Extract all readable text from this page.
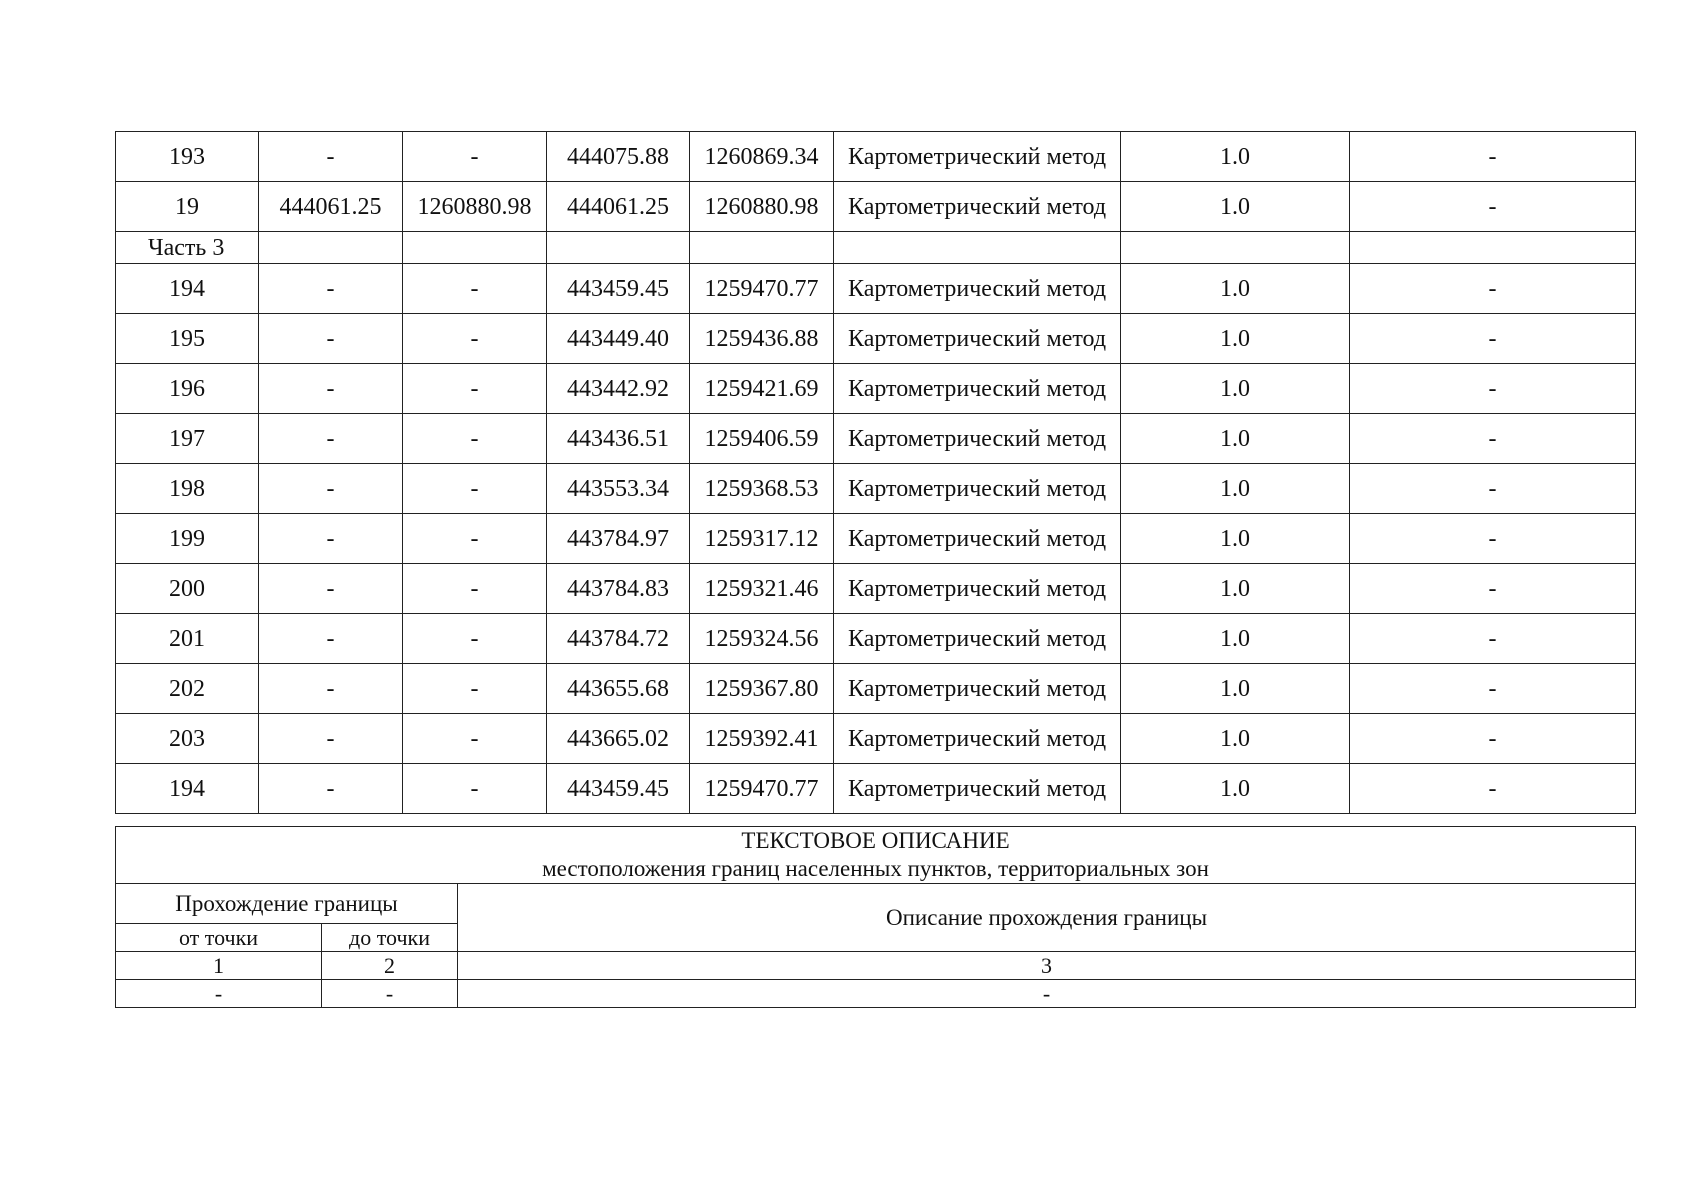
193	-	-	444075.88	1260869.34	Картометрический метод	1.0	-
19	444061.25	1260880.98	444061.25	1260880.98	Картометрический метод	1.0	-
Часть 3							
194	-	-	443459.45	1259470.77	Картометрический метод	1.0	-
195	-	-	443449.40	1259436.88	Картометрический метод	1.0	-
196	-	-	443442.92	1259421.69	Картометрический метод	1.0	-
197	-	-	443436.51	1259406.59	Картометрический метод	1.0	-
198	-	-	443553.34	1259368.53	Картометрический метод	1.0	-
199	-	-	443784.97	1259317.12	Картометрический метод	1.0	-
200	-	-	443784.83	1259321.46	Картометрический метод	1.0	-
201	-	-	443784.72	1259324.56	Картометрический метод	1.0	-
202	-	-	443655.68	1259367.80	Картометрический метод	1.0	-
203	-	-	443665.02	1259392.41	Картометрический метод	1.0	-
194	-	-	443459.45	1259470.77	Картометрический метод	1.0	-
ТЕКСТОВОЕ ОПИСАНИЕ
местоположения границ населенных пунктов, территориальных зон		

Прохождение границы		Описание прохождения границы
от точки	до точки	
1	2	3
-	-	-
